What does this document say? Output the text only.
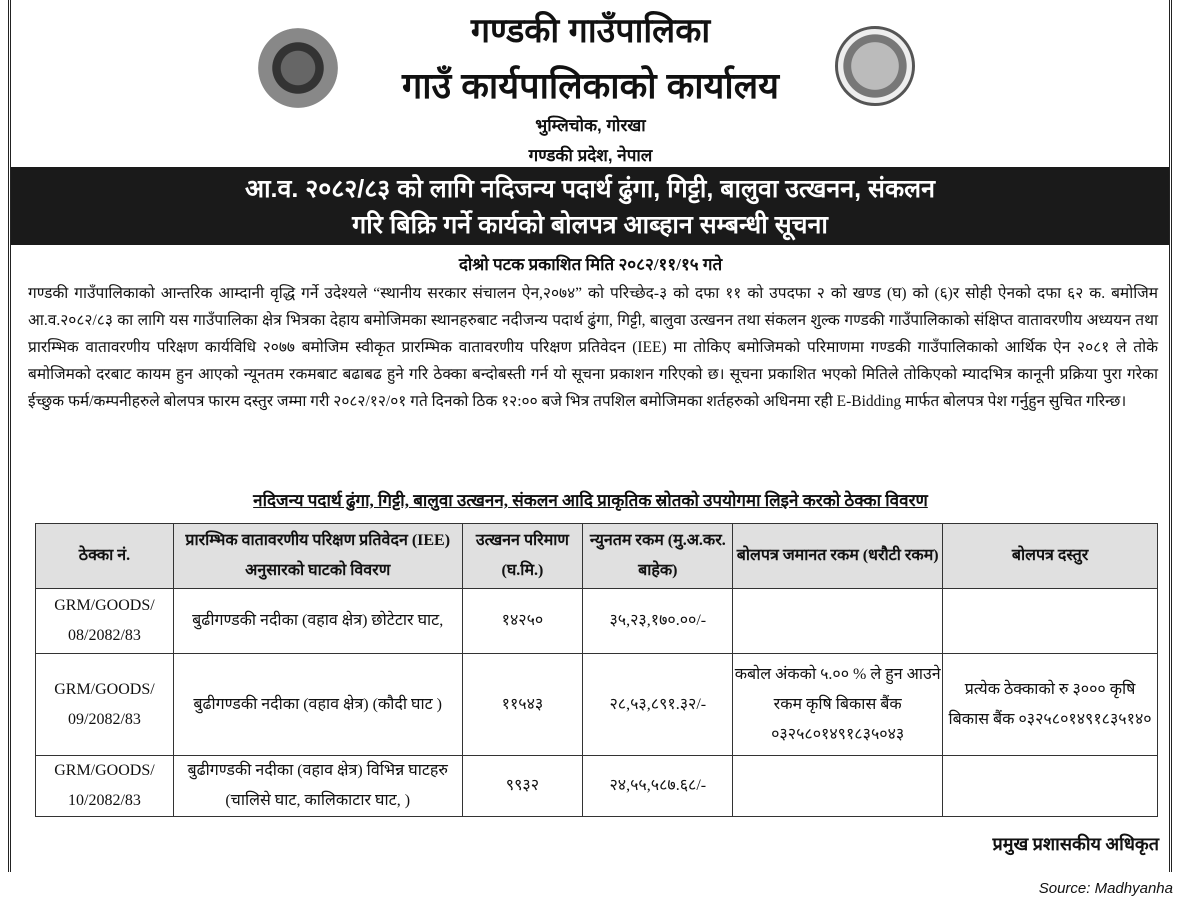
गण्डकी गाउँपालिका
गाउँ कार्यपालिकाको कार्यालय
भुम्लिचोक, गोरखा
गण्डकी प्रदेश, नेपाल
आ.व. २०८२/८३ को लागि नदिजन्य पदार्थ ढुंगा, गिट्टी, बालुवा उत्खनन, संकलन
गरि बिक्रि गर्ने कार्यको बोलपत्र आब्हान सम्बन्धी सूचना
दोश्रो पटक प्रकाशित मिति २०८२/११/१५ गते
गण्डकी गाउँपालिकाको आन्तरिक आम्दानी वृद्धि गर्ने उदेश्यले “स्थानीय सरकार संचालन ऐन,२०७४” को परिच्छेद-३ को दफा ११ को उपदफा २ को खण्ड (घ) को (६)र सोही ऐनको दफा ६२ क. बमोजिम आ.व.२०८२/८३ का लागि यस गाउँपालिका क्षेत्र भित्रका देहाय बमोजिमका स्थानहरुबाट नदीजन्य पदार्थ ढुंगा, गिट्टी, बालुवा उत्खनन तथा संकलन शुल्क गण्डकी गाउँपालिकाको संक्षिप्त वातावरणीय अध्ययन तथा प्रारम्भिक वातावरणीय परिक्षण कार्यविधि २०७७ बमोजिम स्वीकृत प्रारम्भिक वातावरणीय परिक्षण प्रतिवेदन (IEE) मा तोकिए बमोजिमको परिमाणमा गण्डकी गाउँपालिकाको आर्थिक ऐन २०८१ ले तोके बमोजिमको दरबाट कायम हुन आएको न्यूनतम रकमबाट बढाबढ हुने गरि ठेक्का बन्दोबस्ती गर्न यो सूचना प्रकाशन गरिएको छ। सूचना प्रकाशित भएको मितिले तोकिएको म्यादभित्र कानूनी प्रक्रिया पुरा गरेका ईच्छुक फर्म/कम्पनीहरुले बोलपत्र फारम दस्तुर जम्मा गरी २०८२/१२/०१ गते दिनको ठिक १२:०० बजे भित्र तपशिल बमोजिमका शर्तहरुको अधिनमा रही E-Bidding मार्फत बोलपत्र पेश गर्नुहुन सुचित गरिन्छ।
नदिजन्य पदार्थ ढुंगा, गिट्टी, बालुवा उत्खनन, संकलन आदि प्राकृतिक स्रोतको उपयोगमा लिइने करको ठेक्का विवरण
ठेक्का नं.	प्रारम्भिक वातावरणीय परिक्षण प्रतिवेदन (IEE) अनुसारको घाटको विवरण	उत्खनन परिमाण (घ.मि.)	न्युनतम रकम (मु.अ.कर. बाहेक)	बोलपत्र जमानत रकम (धरौटी रकम)	बोलपत्र दस्तुर
GRM/GOODS/ 08/2082/83	बुढीगण्डकी नदीका (वहाव क्षेत्र) छोटेटार घाट,	१४२५०	३५,२३,१७०.००/-		
GRM/GOODS/ 09/2082/83	बुढीगण्डकी नदीका (वहाव क्षेत्र) (कौदी घाट )	११५४३	२८,५३,८९१.३२/-	कबोल अंकको ५.०० % ले हुन आउने रकम कृषि बिकास बैंक ०३२५८०१४९१८३५०४३	प्रत्येक ठेक्काको रु ३००० कृषि बिकास बैंक ०३२५८०१४९१८३५१४०
GRM/GOODS/ 10/2082/83	बुढीगण्डकी नदीका (वहाव क्षेत्र) विभिन्न घाटहरु (चालिसे घाट, कालिकाटार घाट, )	९९३२	२४,५५,५८७.६८/-		
प्रमुख प्रशासकीय अधिकृत
Source: Madhyanha
